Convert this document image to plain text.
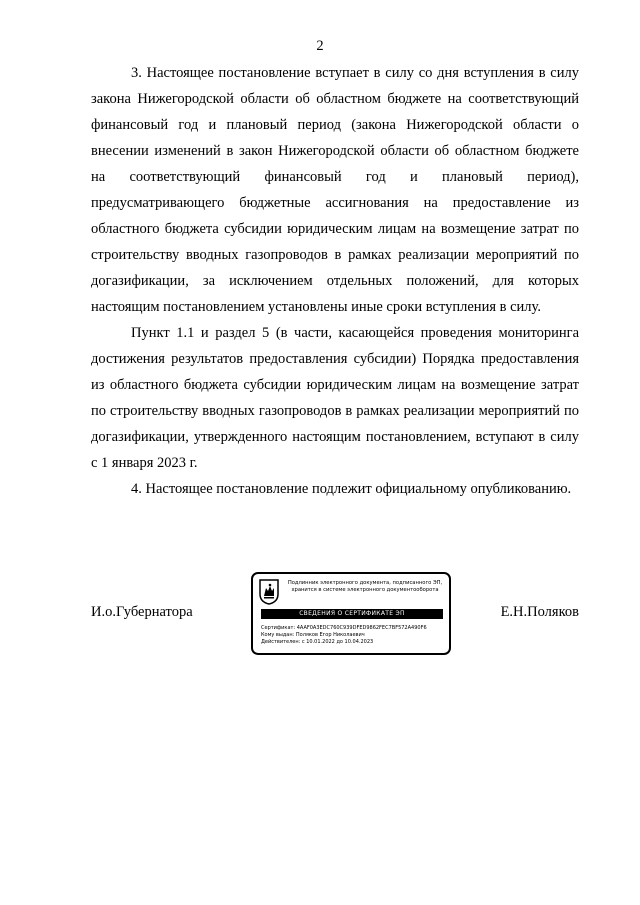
2

3. Настоящее постановление вступает в силу со дня вступления в силу закона Нижегородской области об областном бюджете на соответствующий финансовый год и плановый период (закона Нижегородской области о внесении изменений в закон Нижегородской области об областном бюджете на соответствующий финансовый год и плановый период), предусматривающего бюджетные ассигнования на предоставление из областного бюджета субсидии юридическим лицам на возмещение затрат по строительству вводных газопроводов в рамках реализации мероприятий по догазификации, за исключением отдельных положений, для которых настоящим постановлением установлены иные сроки вступления в силу.

Пункт 1.1 и раздел 5 (в части, касающейся проведения мониторинга достижения результатов предоставления субсидии) Порядка предоставления из областного бюджета субсидии юридическим лицам на возмещение затрат по строительству вводных газопроводов в рамках реализации мероприятий по догазификации, утвержденного настоящим постановлением, вступают в силу с 1 января 2023 г.

4. Настоящее постановление подлежит официальному опубликованию.

И.о.Губернатора	Е.Н.Поляков
Подлинник электронного документа, подписанного ЭП,
хранится в системе электронного документооборота
СВЕДЕНИЯ О СЕРТИФИКАТЕ ЭП
Сертификат: 4AAF0A3EDC760C939DFED9862FEC7BF572A490F6
Кому выдан: Поляков Егор Николаевич
Действителен: с 10.01.2022 до 10.04.2023
